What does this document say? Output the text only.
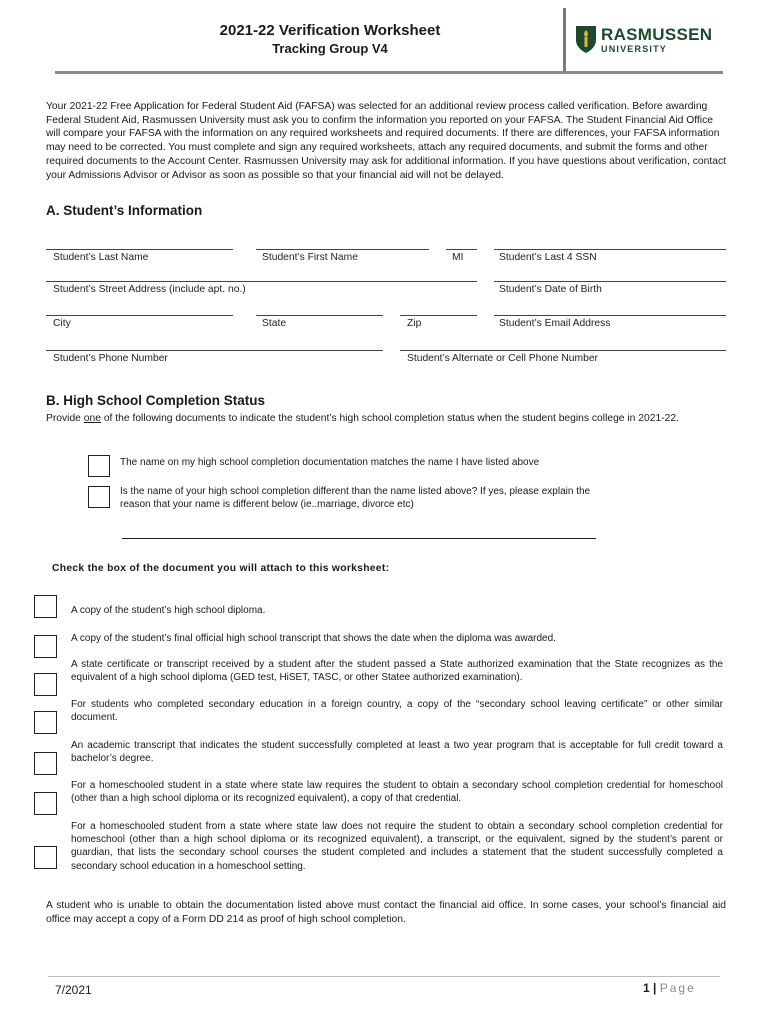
2021-22 Verification Worksheet
Tracking Group V4
RASMUSSEN
UNIVERSITY
Your 2021-22 Free Application for Federal Student Aid (FAFSA) was selected for an additional review process called verification. Before awarding Federal Student Aid, Rasmussen University must ask you to confirm the information you reported on your FAFSA. The Student Financial Aid Office will compare your FAFSA with the information on any required worksheets and required documents. If there are differences, your FAFSA information may need to be corrected. You must complete and sign any required worksheets, attach any required documents, and submit the forms and other required documents to the Account Center. Rasmussen University may ask for additional information. If you have questions about verification, contact your Admissions Advisor or Advisor as soon as possible so that your financial aid will not be delayed.
A. Student’s Information
Student’s Last Name	Student’s First Name	MI	Student’s Last 4 SSN
Student’s Street Address (include apt. no.)	Student’s Date of Birth
City	State	Zip	Student’s Email Address
Student’s Phone Number	Student’s Alternate or Cell Phone Number
B. High School Completion Status
Provide one of the following documents to indicate the student’s high school completion status when the student begins college in 2021-22.
The name on my high school completion documentation matches the name I have listed above
Is the name of your high school completion different than the name listed above? If yes, please explain the reason that your name is different below (ie..marriage, divorce etc)
Check the box of the document you will attach to this worksheet:
A copy of the student’s high school diploma.
A copy of the student’s final official high school transcript that shows the date when the diploma was awarded.
A state certificate or transcript received by a student after the student passed a State authorized examination that the State recognizes as the equivalent of a high school diploma (GED test, HiSET, TASC, or other Statee authorized examination).
For students who completed secondary education in a foreign country, a copy of the “secondary school leaving certificate” or other similar document.
An academic transcript that indicates the student successfully completed at least a two year program that is acceptable for full credit toward a bachelor’s degree.
For a homeschooled student in a state where state law requires the student to obtain a secondary school completion credential for homeschool (other than a high school diploma or its recognized equivalent), a copy of that credential.
For a homeschooled student from a state where state law does not require the student to obtain a secondary school completion credential for homeschool (other than a high school diploma or its recognized equivalent), a transcript, or the equivalent, signed by the student’s parent or guardian, that lists the secondary school courses the student completed and includes a statement that the student successfully completed a secondary school education in a homeschool setting.
A student who is unable to obtain the documentation listed above must contact the financial aid office. In some cases, your school’s financial aid office may accept a copy of a Form DD 214 as proof of high school completion.
7/2021	1 | Page
